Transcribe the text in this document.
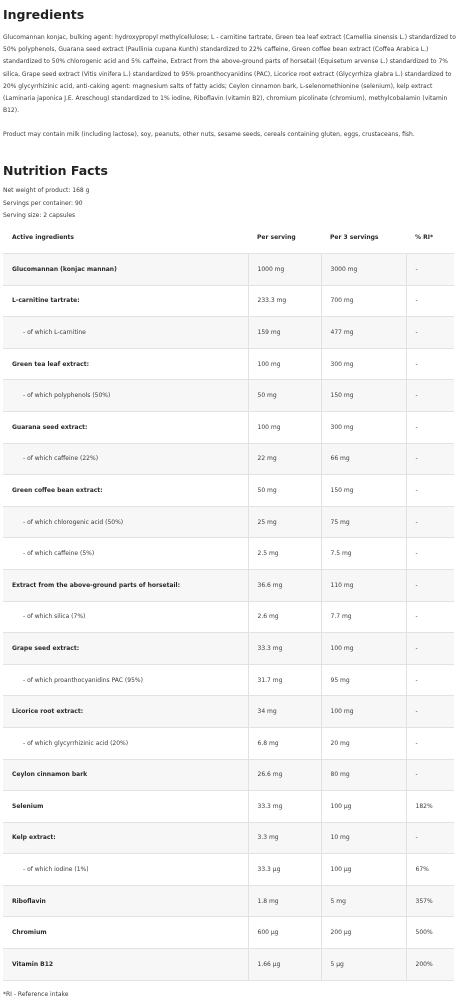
Ingredients
Glucomannan konjac, bulking agent: hydroxypropyl methylcellulose; L - carnitine tartrate, Green tea leaf extract (Camellia sinensis L.) standardized to 50% polyphenols, Guarana seed extract (Paullinia cupana Kunth) standardized to 22% caffeine, Green coffee bean extract (Coffea Arabica L.) standardized to 50% chlorogenic acid and 5% caffeine, Extract from the above-ground parts of horsetail (Equisetum arvense L.) standardized to 7% silica, Grape seed extract (Vitis vinifera L.) standardized to 95% proanthocyanidins (PAC), Licorice root extract (Glycyrrhiza glabra L.) standardized to 20% glycyrrhizinic acid, anti-caking agent: magnesium salts of fatty acids; Ceylon cinnamon bark, L-selenomethionine (selenium), kelp extract (Laminaria japonica J.E. Areschoug) standardized to 1% iodine, Riboflavin (vitamin B2), chromium picolinate (chromium), methylcobalamin (vitamin B12).
Product may contain milk (including lactose), soy, peanuts, other nuts, sesame seeds, cereals containing gluten, eggs, crustaceans, fish.
Nutrition Facts
Net weight of product: 168 g
Servings per container: 90
Serving size: 2 capsules
Active ingredients	Per serving	Per 3 servings	% RI*
Glucomannan (konjac mannan)	1000 mg	3000 mg	-
L-carnitine tartrate:	233.3 mg	700 mg	-
- of which L-carnitine	159 mg	477 mg	-
Green tea leaf extract:	100 mg	300 mg	-
- of which polyphenols (50%)	50 mg	150 mg	-
Guarana seed extract:	100 mg	300 mg	-
- of which caffeine (22%)	22 mg	66 mg	-
Green coffee bean extract:	50 mg	150 mg	-
- of which chlorogenic acid (50%)	25 mg	75 mg	-
- of which caffeine (5%)	2.5 mg	7.5 mg	-
Extract from the above-ground parts of horsetail:	36.6 mg	110 mg	-
- of which silica (7%)	2.6 mg	7.7 mg	-
Grape seed extract:	33.3 mg	100 mg	-
- of which proanthocyanidins PAC (95%)	31.7 mg	95 mg	-
Licorice root extract:	34 mg	100 mg	-
- of which glycyrrhizinic acid (20%)	6.8 mg	20 mg	-
Ceylon cinnamon bark	26.6 mg	80 mg	-
Selenium	33.3 mg	100 µg	182%
Kelp extract:	3.3 mg	10 mg	-
- of which iodine (1%)	33.3 µg	100 µg	67%
Riboflavin	1.8 mg	5 mg	357%
Chromium	600 µg	200 µg	500%
Vitamin B12	1.66 µg	5 µg	200%
*RI - Reference intake
